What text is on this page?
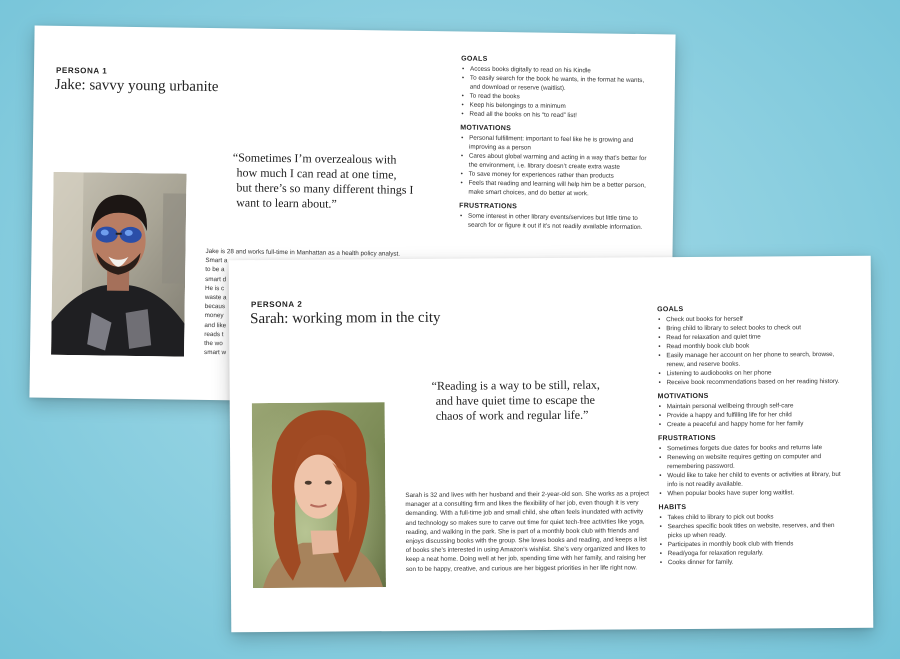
PERSONA 1
Jake: savvy young urbanite
“Sometimes I’m overzealous with
how much I can read at one time,
but there’s so many different things I
want to learn about.”
Jake is 28 and works full-time in Manhattan as a health policy analyst.
Smart a
to be a
smart d
He is c
waste a
becaus
money
and like
reads t
the wo
smart w
GOALS
• Access books digitally to read on his Kindle
• To easily search for the book he wants, in the format he wants, and download or reserve (waitlist).
• To read the books
• Keep his belongings to a minimum
• Read all the books on his “to read” list!
MOTIVATIONS
• Personal fulfillment: important to feel like he is growing and improving as a person
• Cares about global warming and acting in a way that’s better for the environment, i.e. library doesn’t create extra waste
• To save money for experiences rather than products
• Feels that reading and learning will help him be a better person, make smart choices, and do better at work.
FRUSTRATIONS
• Some interest in other library events/services but little time to search for or figure it out if it’s not readily available information.
PERSONA 2
Sarah: working mom in the city
“Reading is a way to be still, relax,
and have quiet time to escape the
chaos of work and regular life.”
Sarah is 32 and lives with her husband and their 2-year-old son. She works as a project manager at a consulting firm and likes the flexibility of her job, even though it is very demanding. With a full-time job and small child, she often feels inundated with activity and technology so makes sure to carve out time for quiet tech-free activities like yoga, reading, and walking in the park. She is part of a monthly book club with friends and enjoys discussing books with the group. She loves books and reading, and keeps a list of books she’s interested in using Amazon’s wishlist. She’s very organized and likes to keep a neat home. Doing well at her job, spending time with her family, and raising her son to be happy, creative, and curious are her biggest priorities in her life right now.
GOALS
• Check out books for herself
• Bring child to library to select books to check out
• Read for relaxation and quiet time
• Read monthly book club book
• Easily manage her account on her phone to search, browse, renew, and reserve books.
• Listening to audiobooks on her phone
• Receive book recommendations based on her reading history.
MOTIVATIONS
• Maintain personal wellbeing through self-care
• Provide a happy and fulfilling life for her child
• Create a peaceful and happy home for her family
FRUSTRATIONS
• Sometimes forgets due dates for books and returns late
• Renewing on website requires getting on computer and remembering password.
• Would like to take her child to events or activities at library, but info is not readily available.
• When popular books have super long waitlist.
HABITS
• Takes child to library to pick out books
• Searches specific book titles on website, reserves, and then picks up when ready.
• Participates in monthly book club with friends
• Read/yoga for relaxation regularly.
• Cooks dinner for family.
